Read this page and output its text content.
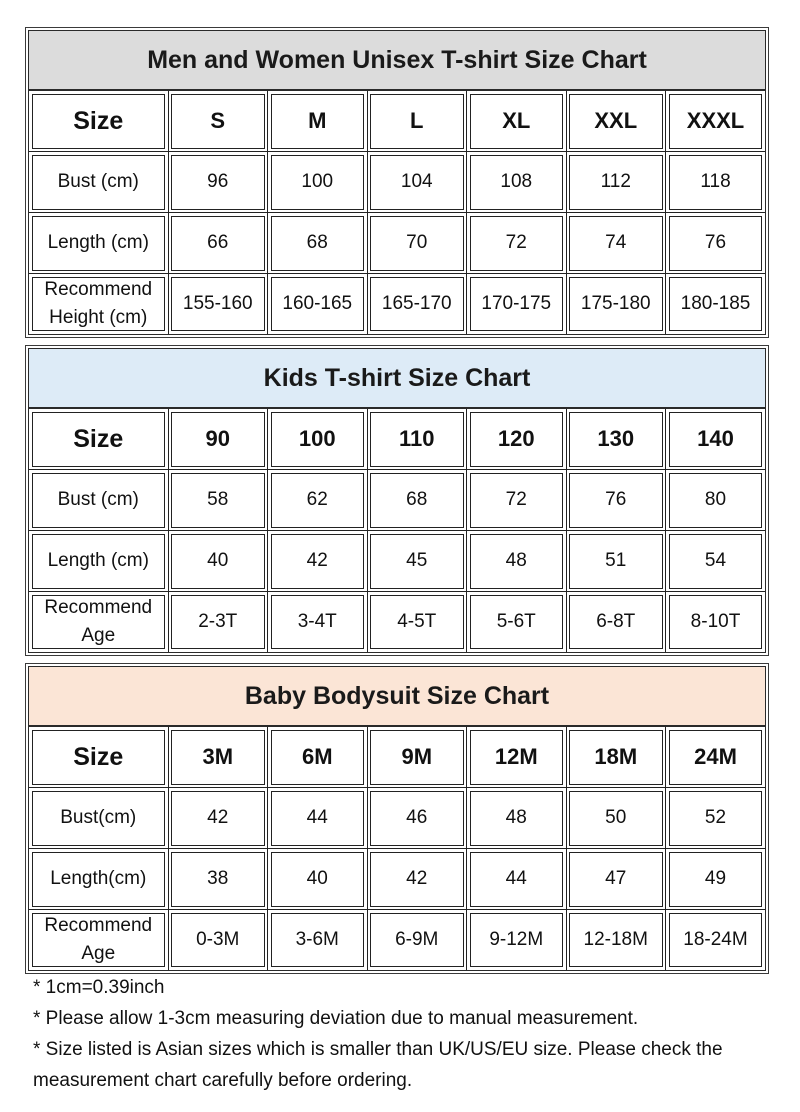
Men and Women Unisex T-shirt Size Chart
Size	S	M	L	XL	XXL	XXXL
Bust (cm)	96	100	104	108	112	118
Length (cm)	66	68	70	72	74	76
Recommend Height (cm)	155-160	160-165	165-170	170-175	175-180	180-185
Kids T-shirt Size Chart
Size	90	100	110	120	130	140
Bust (cm)	58	62	68	72	76	80
Length (cm)	40	42	45	48	51	54
Recommend Age	2-3T	3-4T	4-5T	5-6T	6-8T	8-10T
Baby Bodysuit Size Chart
Size	3M	6M	9M	12M	18M	24M
Bust(cm)	42	44	46	48	50	52
Length(cm)	38	40	42	44	47	49
Recommend Age	0-3M	3-6M	6-9M	9-12M	12-18M	18-24M

* 1cm=0.39inch

* Please allow 1-3cm measuring deviation due to manual measurement.

* Size listed is Asian sizes which is smaller than UK/US/EU size. Please check the measurement chart carefully before ordering.
